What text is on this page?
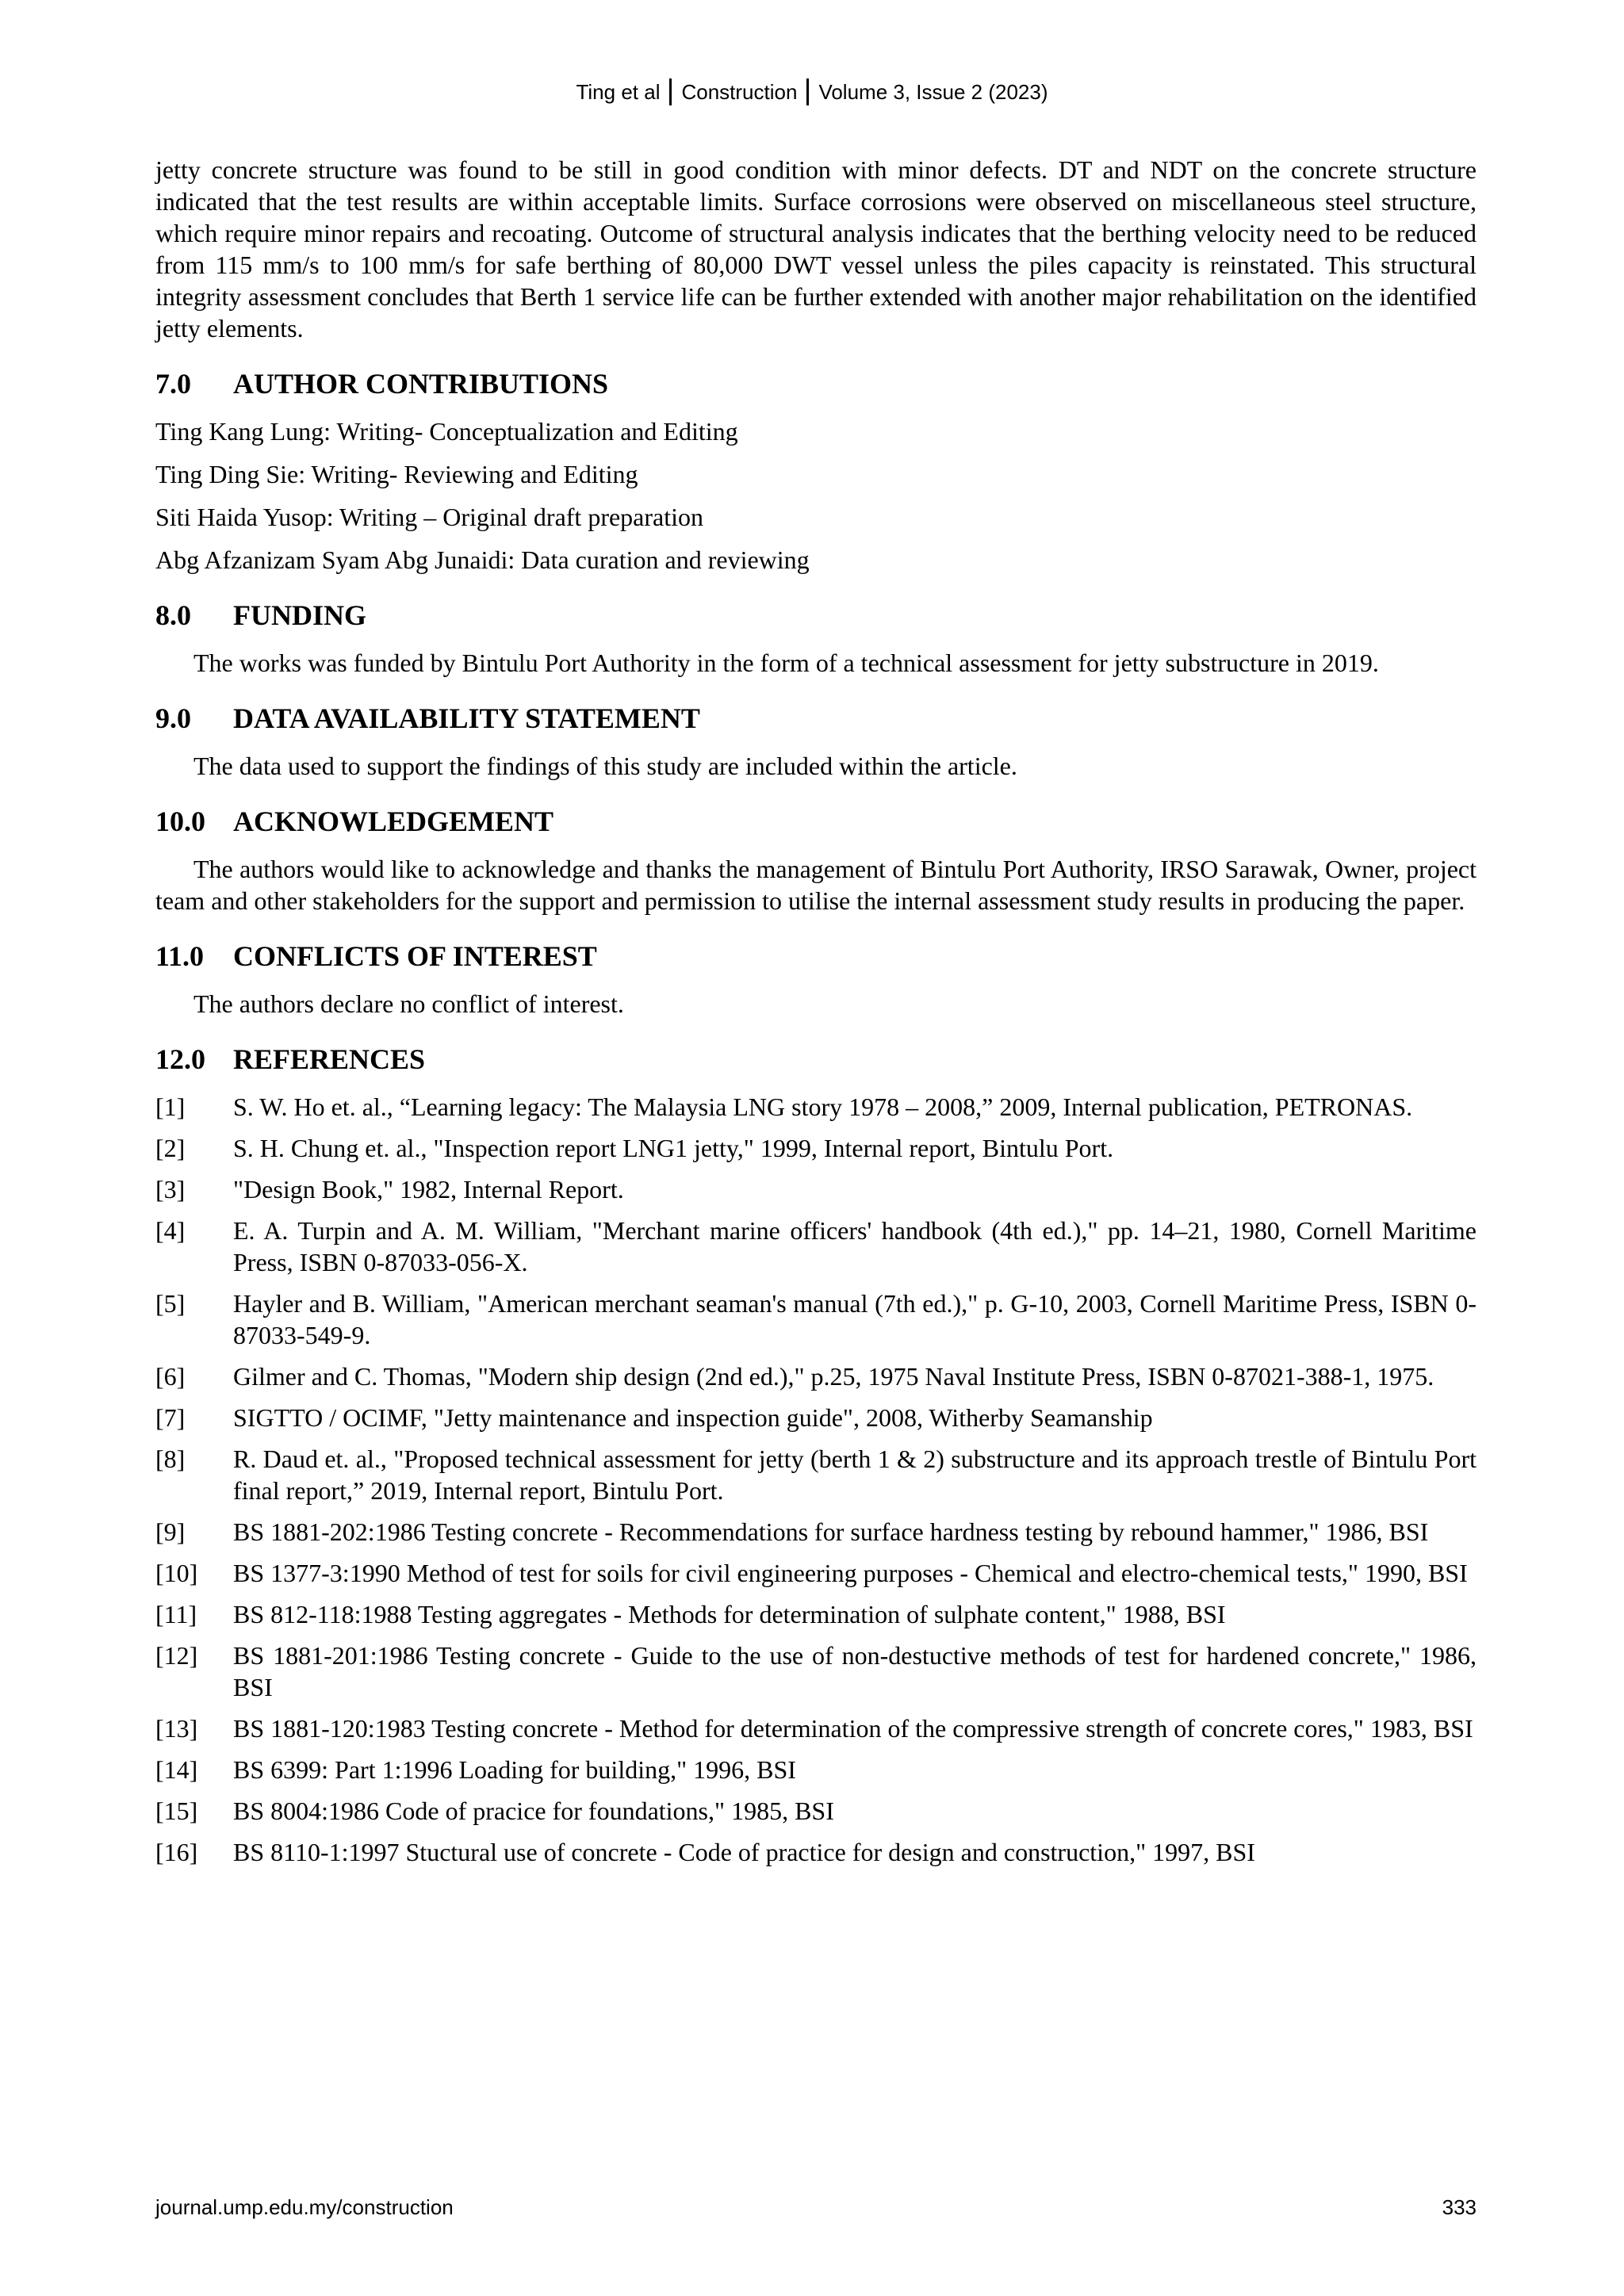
Ting et al Construction Volume 3, Issue 2 (2023)

jetty concrete structure was found to be still in good condition with minor defects. DT and NDT on the concrete structure indicated that the test results are within acceptable limits. Surface corrosions were observed on miscellaneous steel structure, which require minor repairs and recoating. Outcome of structural analysis indicates that the berthing velocity need to be reduced from 115 mm/s to 100 mm/s for safe berthing of 80,000 DWT vessel unless the piles capacity is reinstated. This structural integrity assessment concludes that Berth 1 service life can be further extended with another major rehabilitation on the identified jetty elements.

7.0	AUTHOR CONTRIBUTIONS

Ting Kang Lung: Writing- Conceptualization and Editing

Ting Ding Sie: Writing- Reviewing and Editing

Siti Haida Yusop: Writing – Original draft preparation

Abg Afzanizam Syam Abg Junaidi: Data curation and reviewing

8.0	FUNDING

The works was funded by Bintulu Port Authority in the form of a technical assessment for jetty substructure in 2019.

9.0	DATA AVAILABILITY STATEMENT

The data used to support the findings of this study are included within the article.

10.0 ACKNOWLEDGEMENT

The authors would like to acknowledge and thanks the management of Bintulu Port Authority, IRSO Sarawak, Owner, project team and other stakeholders for the support and permission to utilise the internal assessment study results in producing the paper.

11.0	CONFLICTS OF INTEREST

The authors declare no conflict of interest.

12.0 REFERENCES
[1]	S. W. Ho et. al., “Learning legacy: The Malaysia LNG story 1978 – 2008,” 2009, Internal publication, PETRONAS.
[2]	S. H. Chung et. al., "Inspection report LNG1 jetty," 1999, Internal report, Bintulu Port.
[3]	"Design Book," 1982, Internal Report.
[4]	E. A. Turpin and A. M. William, "Merchant marine officers' handbook (4th ed.)," pp. 14–21, 1980, Cornell Maritime Press, ISBN 0-87033-056-X.
[5]	Hayler and B. William, "American merchant seaman's manual (7th ed.)," p. G-10, 2003, Cornell Maritime Press, ISBN 0-87033-549-9.
[6]	Gilmer and C. Thomas, "Modern ship design (2nd ed.)," p.25, 1975 Naval Institute Press, ISBN 0-87021-388-1, 1975.
[7]	SIGTTO / OCIMF, "Jetty maintenance and inspection guide", 2008, Witherby Seamanship
[8]	R. Daud et. al., "Proposed technical assessment for jetty (berth 1 & 2) substructure and its approach trestle of Bintulu Port final report,” 2019, Internal report, Bintulu Port.
[9]	BS 1881-202:1986 Testing concrete - Recommendations for surface hardness testing by rebound hammer," 1986, BSI
[10]	BS 1377-3:1990 Method of test for soils for civil engineering purposes - Chemical and electro-chemical tests," 1990, BSI
[11]	BS 812-118:1988 Testing aggregates - Methods for determination of sulphate content," 1988, BSI
[12]	BS 1881-201:1986 Testing concrete - Guide to the use of non-destuctive methods of test for hardened concrete," 1986, BSI
[13]	BS 1881-120:1983 Testing concrete - Method for determination of the compressive strength of concrete cores," 1983, BSI
[14]	BS 6399: Part 1:1996 Loading for building," 1996, BSI
[15]	BS 8004:1986 Code of pracice for foundations," 1985, BSI
[16]	BS 8110-1:1997 Stuctural use of concrete - Code of practice for design and construction," 1997, BSI
journal.ump.edu.my/construction	333
